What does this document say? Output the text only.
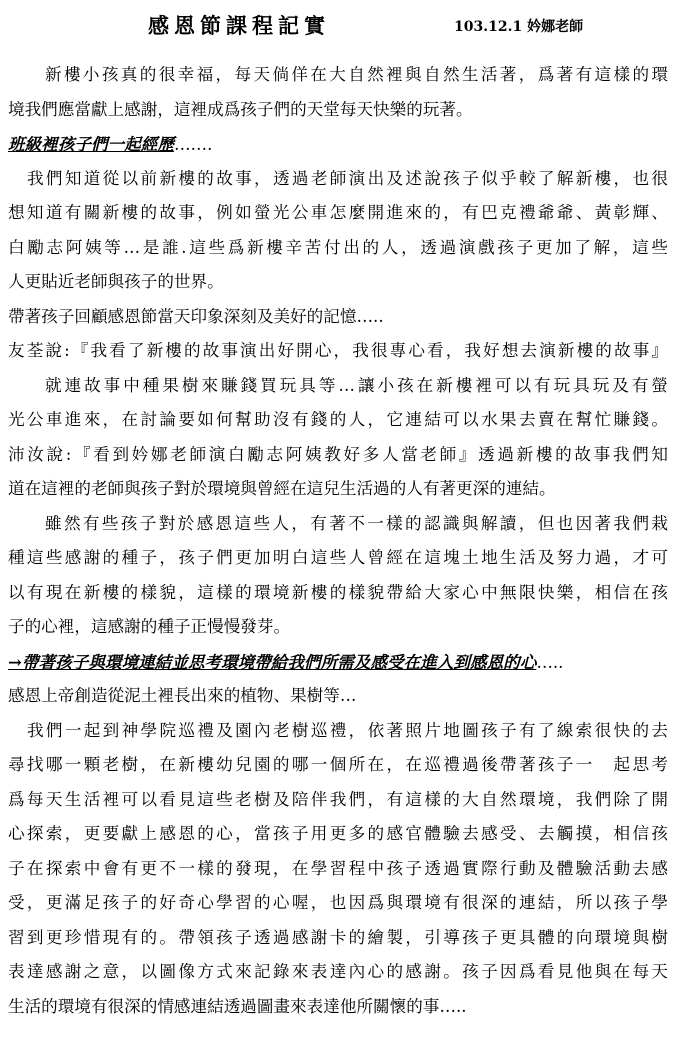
感恩節課程記實	103.12.1 妗娜老師
新樓小孩真的很幸福，每天倘佯在大自然裡與自然生活著，爲著有這樣的環
境我們應當獻上感謝，這裡成爲孩子們的天堂每天快樂的玩著。
班級裡孩子們一起經歷…….
我們知道從以前新樓的故事，透過老師演出及述說孩子似乎較了解新樓，也很
想知道有關新樓的故事，例如螢光公車怎麼開進來的，有巴克禮爺爺、黃彰輝、
白勵志阿姨等…是誰.這些爲新樓辛苦付出的人，透過演戲孩子更加了解，這些
人更貼近老師與孩子的世界。
帶著孩子回顧感恩節當天印象深刻及美好的記憶…..
友荃說:『我看了新樓的故事演出好開心，我很專心看，我好想去演新樓的故事』
就連故事中種果樹來賺錢買玩具等…讓小孩在新樓裡可以有玩具玩及有螢
光公車進來，在討論要如何幫助沒有錢的人，它連結可以水果去賣在幫忙賺錢。
沛汝說:『看到妗娜老師演白勵志阿姨教好多人當老師』透過新樓的故事我們知
道在這裡的老師與孩子對於環境與曾經在這兒生活過的人有著更深的連結。
雖然有些孩子對於感恩這些人，有著不一樣的認識與解讀，但也因著我們栽
種這些感謝的種子，孩子們更加明白這些人曾經在這塊土地生活及努力過，才可
以有現在新樓的樣貌，這樣的環境新樓的樣貌帶給大家心中無限快樂，相信在孩
子的心裡，這感謝的種子正慢慢發芽。
→帶著孩子與環境連結並思考環境帶給我們所需及感受在進入到感恩的心…..
感恩上帝創造從泥土裡長出來的植物、果樹等…
我們一起到神學院巡禮及園內老樹巡禮，依著照片地圖孩子有了線索很快的去
尋找哪一顆老樹，在新樓幼兒園的哪一個所在，在巡禮過後帶著孩子一　起思考
爲每天生活裡可以看見這些老樹及陪伴我們，有這樣的大自然環境，我們除了開
心探索，更要獻上感恩的心，當孩子用更多的感官體驗去感受、去觸摸，相信孩
子在探索中會有更不一樣的發現，在學習程中孩子透過實際行動及體驗活動去感
受，更滿足孩子的好奇心學習的心喔，也因爲與環境有很深的連結，所以孩子學
習到更珍惜現有的。帶領孩子透過感謝卡的繪製，引導孩子更具體的向環境與樹
表達感謝之意，以圖像方式來記錄來表達內心的感謝。孩子因爲看見他與在每天
生活的環境有很深的情感連結透過圖畫來表達他所關懷的事…..
